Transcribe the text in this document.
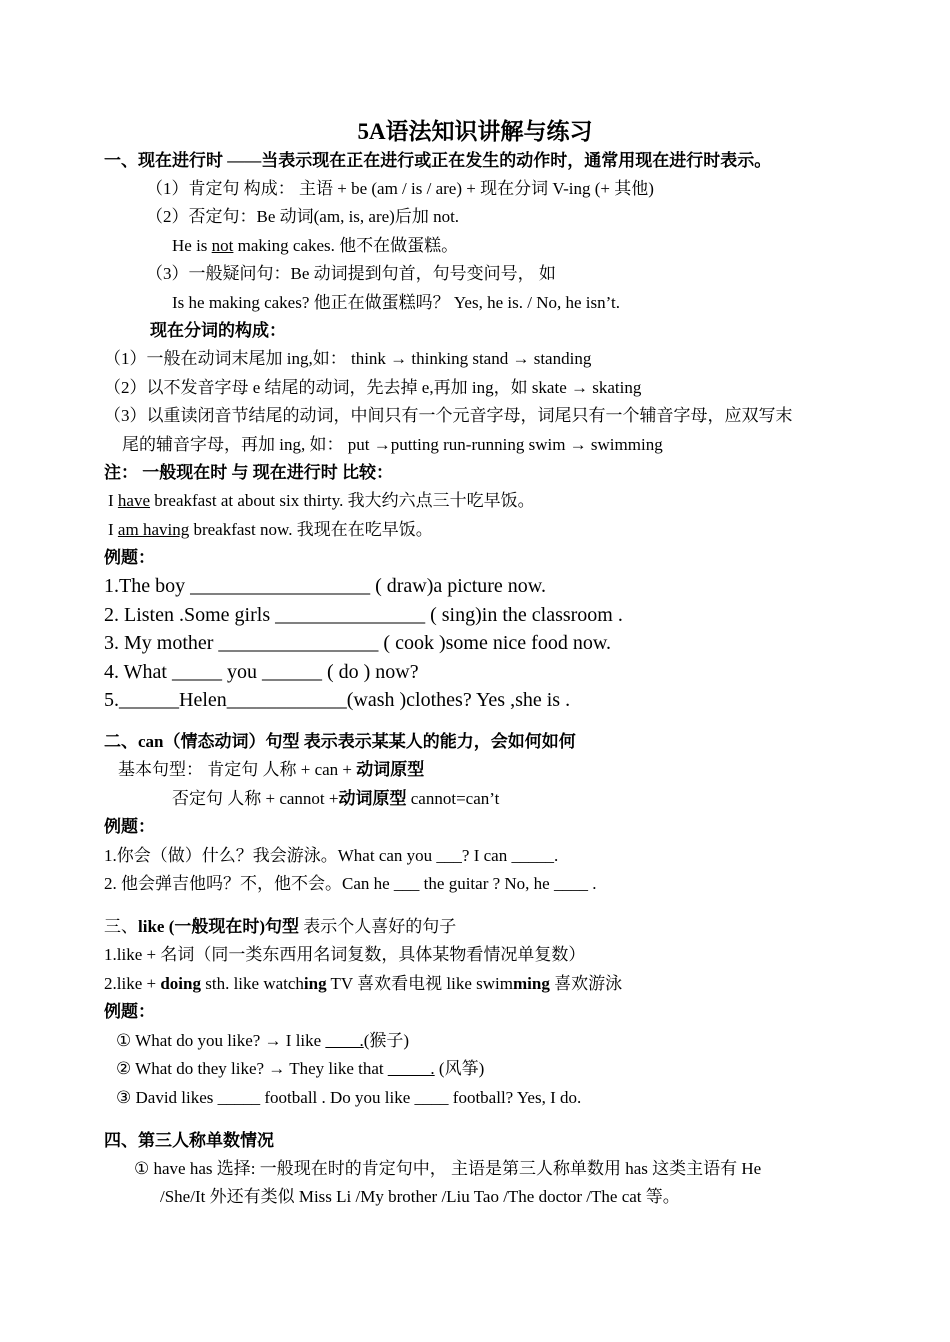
5A语法知识讲解与练习
一、现在进行时 ——当表示现在正在进行或正在发生的动作时，通常用现在进行时表示。
（1）肯定句 构成： 主语 + be (am / is / are) + 现在分词 V-ing (+ 其他)
（2）否定句：Be 动词(am, is, are)后加 not.
He is not making cakes. 他不在做蛋糕。
（3）一般疑问句：Be 动词提到句首，句号变问号， 如
Is he making cakes? 他正在做蛋糕吗？ Yes, he is. / No, he isn’t.
现在分词的构成：
（1）一般在动词末尾加 ing,如： think → thinking stand → standing
（2）以不发音字母 e 结尾的动词，先去掉 e,再加 ing，如 skate → skating
（3）以重读闭音节结尾的动词，中间只有一个元音字母，词尾只有一个辅音字母，应双写末
尾的辅音字母，再加 ing, 如： put →putting run-running swim → swimming
注： 一般现在时 与 现在进行时 比较：
I have breakfast at about six thirty. 我大约六点三十吃早饭。
I am having breakfast now. 我现在在吃早饭。
例题：
1.The boy __________________ ( draw)a picture now.
2. Listen .Some girls _______________ ( sing)in the classroom .
3. My mother ________________ ( cook )some nice food now.
4. What _____ you ______ ( do ) now?
5.______Helen____________(wash )clothes? Yes ,she is .
二、can（情态动词）句型 表示表示某某人的能力，会如何如何
基本句型： 肯定句 人称 + can + 动词原型
否定句 人称 + cannot +动词原型 cannot=can’t
例题：
1.你会（做）什么？我会游泳。What can you ___? I can _____.
2. 他会弹吉他吗？不，他不会。Can he ___ the guitar ? No, he ____ .
三、like (一般现在时)句型 表示个人喜好的句子
1.like + 名词（同一类东西用名词复数，具体某物看情况单复数）
2.like + doing sth. like watching TV 喜欢看电视 like swimming 喜欢游泳
例题：
① What do you like? → I like ____.(猴子)
② What do they like? → They like that _____. (风筝)
③ David likes _____ football . Do you like ____ football? Yes, I do.
四、第三人称单数情况
① have has 选择: 一般现在时的肯定句中， 主语是第三人称单数用 has 这类主语有 He
/She/It 外还有类似 Miss Li /My brother /Liu Tao /The doctor /The cat 等。
